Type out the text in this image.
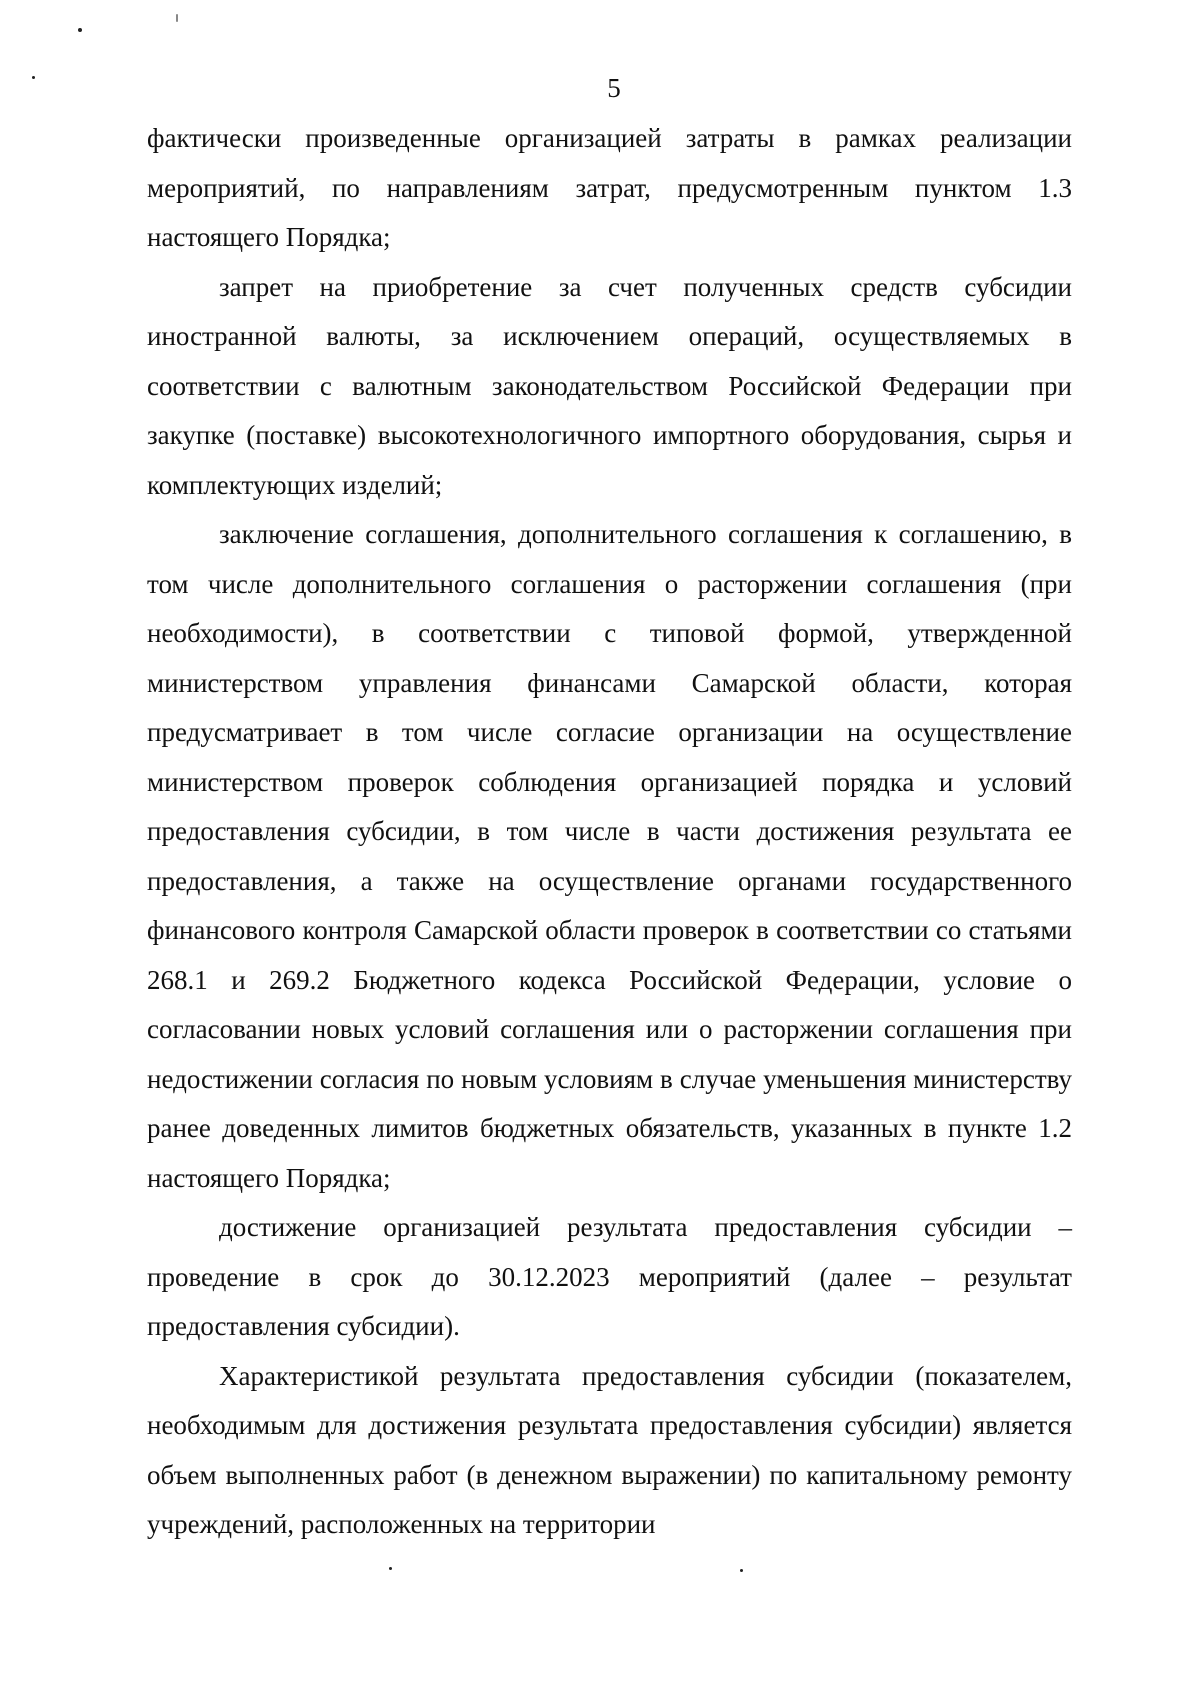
5

фактически произведенные организацией затраты в рамках реализации мероприятий, по направлениям затрат, предусмотренным пунктом 1.3 настоящего Порядка;

запрет на приобретение за счет полученных средств субсидии иностранной валюты, за исключением операций, осуществляемых в соответствии с валютным законодательством Российской Федерации при закупке (поставке) высокотехнологичного импортного оборудования, сырья и комплектующих изделий;

заключение соглашения, дополнительного соглашения к соглашению, в том числе дополнительного соглашения о расторжении соглашения (при необходимости), в соответствии с типовой формой, утвержденной министерством управления финансами Самарской области, которая предусматривает в том числе согласие организации на осуществление министерством проверок соблюдения организацией порядка и условий предоставления субсидии, в том числе в части достижения результата ее предоставления, а также на осуществление органами государственного финансового контроля Самарской области проверок в соответствии со статьями 268.1 и 269.2 Бюджетного кодекса Российской Федерации, условие о согласовании новых условий соглашения или о расторжении соглашения при недостижении согласия по новым условиям в случае уменьшения министерству ранее доведенных лимитов бюджетных обязательств, указанных в пункте 1.2 настоящего Порядка;

достижение организацией результата предоставления субсидии – проведение в срок до 30.12.2023 мероприятий (далее – результат предоставления субсидии).

Характеристикой результата предоставления субсидии (показателем, необходимым для достижения результата предоставления субсидии) является объем выполненных работ (в денежном выражении) по капитальному ремонту учреждений, расположенных на территории
